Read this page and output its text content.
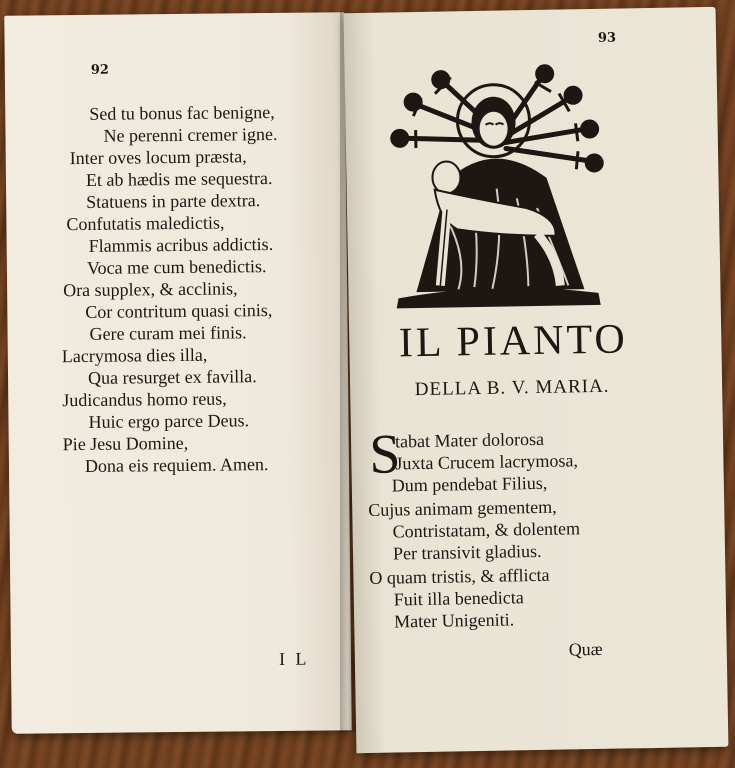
92
Sed tu bonus fac benigne,
Ne perenni cremer igne.
Inter oves locum præsta,
Et ab hædis me sequestra.
Statuens in parte dextra.
Confutatis maledictis,
Flammis acribus addictis.
Voca me cum benedictis.
Ora supplex, & acclinis,
Cor contritum quasi cinis,
Gere curam mei finis.
Lacrymosa dies illa,
Qua resurget ex favilla.
Judicandus homo reus,
Huic ergo parce Deus.
Pie Jesu Domine,
Dona eis requiem. Amen.
I L
93
IL PIANTO
DELLA B. V. MARIA.
S
tabat Mater dolorosa
Juxta Crucem lacrymosa,
Dum pendebat Filius,
Cujus animam gementem,
Contristatam, & dolentem
Per transivit gladius.
O quam tristis, & afflicta
Fuit illa benedicta
Mater Unigeniti.
Quæ
